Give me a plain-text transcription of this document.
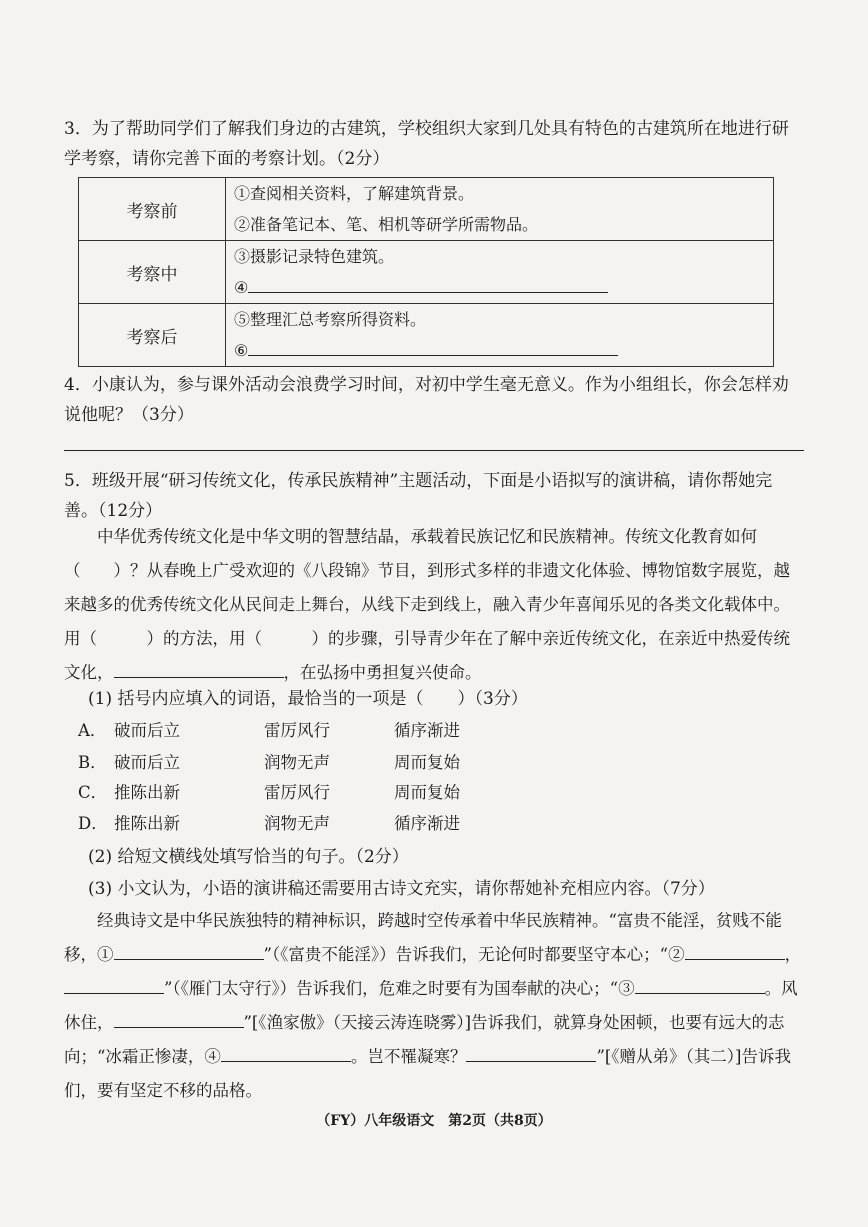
3．为了帮助同学们了解我们身边的古建筑，学校组织大家到几处具有特色的古建筑所在地进行研学考察，请你完善下面的考察计划。（2分）
考察前	①查阅相关资料，了解建筑背景。
②准备笔记本、笔、相机等研学所需物品。

考察中	③摄影记录特色建筑。
④

考察后	⑤整理汇总考察所得资料。
⑥
4．小康认为，参与课外活动会浪费学习时间，对初中学生毫无意义。作为小组组长，你会怎样劝说他呢？（3分）
5．班级开展“研习传统文化，传承民族精神”主题活动，下面是小语拟写的演讲稿，请你帮她完善。（12分）
中华优秀传统文化是中华文明的智慧结晶，承载着民族记忆和民族精神。传统文化教育如何（　　）？从春晚上广受欢迎的《八段锦》节目，到形式多样的非遗文化体验、博物馆数字展览，越来越多的优秀传统文化从民间走上舞台，从线下走到线上，融入青少年喜闻乐见的各类文化载体中。用（　　　）的方法，用（　　　）的步骤，引导青少年在了解中亲近传统文化，在亲近中热爱传统文化，	，在弘扬中勇担复兴使命。
(1) 括号内应填入的词语，最恰当的一项是（　　）（3分）
A． 破而后立	雷厉风行	循序渐进
B． 破而后立	润物无声	周而复始
C． 推陈出新	雷厉风行	周而复始
D． 推陈出新	润物无声	循序渐进
(2) 给短文横线处填写恰当的句子。（2分）
(3) 小文认为，小语的演讲稿还需要用古诗文充实，请你帮她补充相应内容。（7分）
经典诗文是中华民族独特的精神标识，跨越时空传承着中华民族精神。“富贵不能淫，贫贱不能移，①	”（《富贵不能淫》）告诉我们，无论何时都要坚守本心；“②	，”（《雁门太守行》）告诉我们，危难之时要有为国奉献的决心；“③	。风休住，	”[《渔家傲》（天接云涛连晓雾）]告诉我们，就算身处困顿，也要有远大的志向；“冰霜正惨凄，④	。岂不罹凝寒？	”[《赠从弟》（其二）]告诉我们，要有坚定不移的品格。
（FY）八年级语文　第2页（共8页）
